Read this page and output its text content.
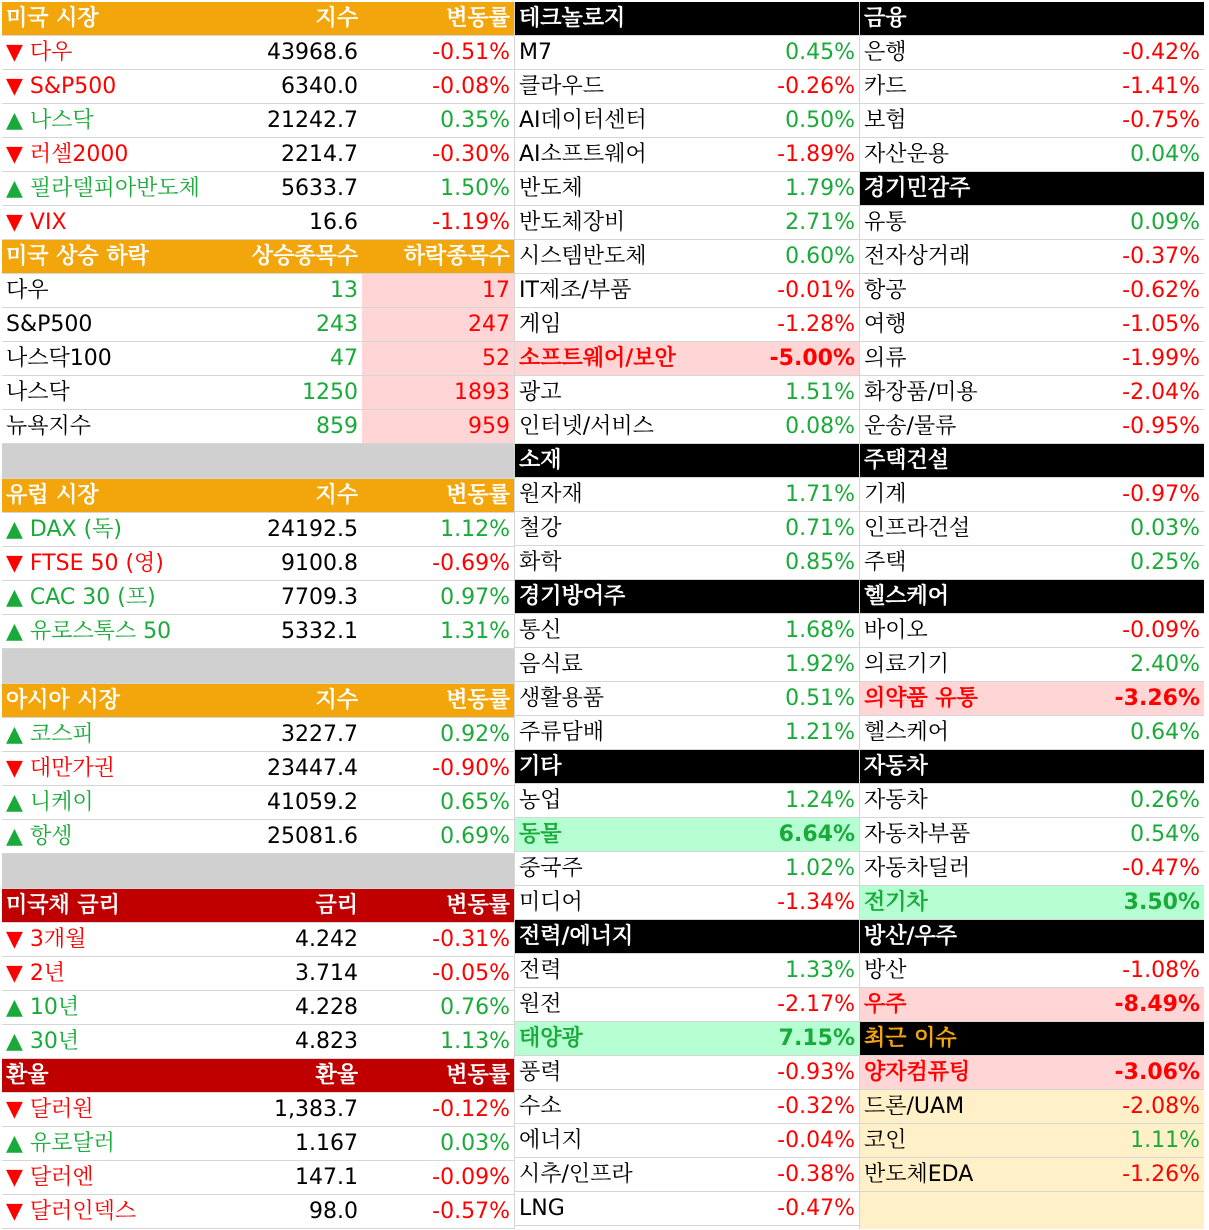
미국 시장	지수	변동률
▼ 다우	43968.6	-0.51%
▼ S&P500	6340.0	-0.08%
▲ 나스닥	21242.7	0.35%
▼ 러셀2000	2214.7	-0.30%
▲ 필라델피아반도체	5633.7	1.50%
▼ VIX	16.6	-1.19%
미국 상승 하락	상승종목수	하락종목수
다우	13	17
S&P500	243	247
나스닥100	47	52
나스닥	1250	1893
뉴욕지수	859	959
유럽 시장	지수	변동률
▲ DAX (독)	24192.5	1.12%
▼ FTSE 50 (영)	9100.8	-0.69%
▲ CAC 30 (프)	7709.3	0.97%
▲ 유로스톡스 50	5332.1	1.31%
아시아 시장	지수	변동률
▲ 코스피	3227.7	0.92%
▼ 대만가권	23447.4	-0.90%
▲ 니케이	41059.2	0.65%
▲ 항셍	25081.6	0.69%
미국채 금리	금리	변동률
▼ 3개월	4.242	-0.31%
▼ 2년	3.714	-0.05%
▲ 10년	4.228	0.76%
▲ 30년	4.823	1.13%
환율	환율	변동률
▼ 달러원	1,383.7	-0.12%
▲ 유로달러	1.167	0.03%
▼ 달러엔	147.1	-0.09%
▼ 달러인덱스	98.0	-0.57%
테크놀로지
M7	0.45%
클라우드	-0.26%
AI데이터센터	0.50%
AI소프트웨어	-1.89%
반도체	1.79%
반도체장비	2.71%
시스템반도체	0.60%
IT제조/부품	-0.01%
게임	-1.28%
소프트웨어/보안	-5.00%
광고	1.51%
인터넷/서비스	0.08%
소재
원자재	1.71%
철강	0.71%
화학	0.85%
경기방어주
통신	1.68%
음식료	1.92%
생활용품	0.51%
주류담배	1.21%
기타
농업	1.24%
동물	6.64%
중국주	1.02%
미디어	-1.34%
전력/에너지
전력	1.33%
원전	-2.17%
태양광	7.15%
풍력	-0.93%
수소	-0.32%
에너지	-0.04%
시추/인프라	-0.38%
LNG	-0.47%
금융
은행	-0.42%
카드	-1.41%
보험	-0.75%
자산운용	0.04%
경기민감주
유통	0.09%
전자상거래	-0.37%
항공	-0.62%
여행	-1.05%
의류	-1.99%
화장품/미용	-2.04%
운송/물류	-0.95%
주택건설
기계	-0.97%
인프라건설	0.03%
주택	0.25%
헬스케어
바이오	-0.09%
의료기기	2.40%
의약품 유통	-3.26%
헬스케어	0.64%
자동차
자동차	0.26%
자동차부품	0.54%
자동차딜러	-0.47%
전기차	3.50%
방산/우주
방산	-1.08%
우주	-8.49%
최근 이슈
양자컴퓨팅	-3.06%
드론/UAM	-2.08%
코인	1.11%
반도체EDA	-1.26%
